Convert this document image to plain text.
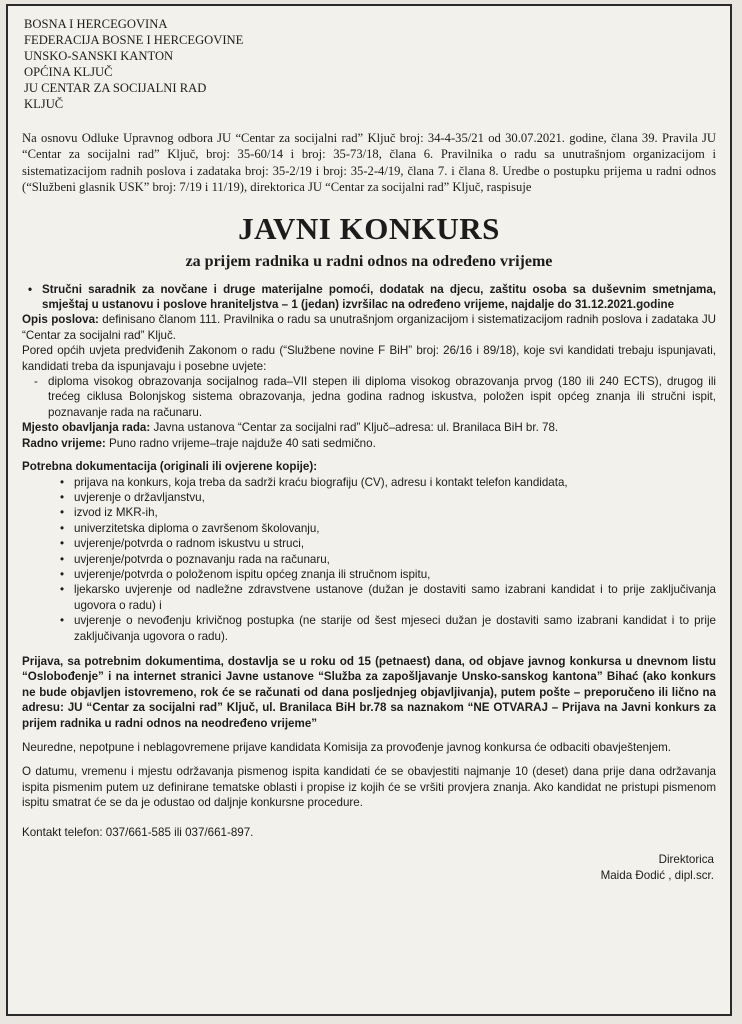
BOSNA I HERCEGOVINA
FEDERACIJA BOSNE I HERCEGOVINE
UNSKO-SANSKI KANTON
OPĆINA KLJUČ
JU CENTAR ZA SOCIJALNI RAD
KLJUČ
Na osnovu Odluke Upravnog odbora JU “Centar za socijalni rad” Ključ broj: 34-4-35/21 od 30.07.2021. godine, člana 39. Pravila JU “Centar za socijalni rad” Ključ, broj: 35-60/14 i broj: 35-73/18, člana 6. Pravilnika o radu sa unutrašnjom organizacijom i sistematizacijom radnih poslova i zadataka broj: 35-2/19 i broj: 35-2-4/19, člana 7. i člana 8. Uredbe o postupku prijema u radni odnos (“Službeni glasnik USK” broj: 7/19 i 11/19), direktorica JU “Centar za socijalni rad” Ključ, raspisuje
JAVNI KONKURS
za prijem radnika u radni odnos na određeno vrijeme
• Stručni saradnik za novčane i druge materijalne pomoći, dodatak na djecu, zaštitu osoba sa duševnim smetnjama, smještaj u ustanovu i poslove hraniteljstva – 1 (jedan) izvršilac na određeno vrijeme, najdalje do 31.12.2021.godine
Opis poslova: definisano članom 111. Pravilnika o radu sa unutrašnjom organizacijom i sistematizacijom radnih poslova i zadataka JU “Centar za socijalni rad” Ključ.
Pored općih uvjeta predviđenih Zakonom o radu (“Službene novine F BiH” broj: 26/16 i 89/18), koje svi kandidati trebaju ispunjavati, kandidati treba da ispunjavaju i posebne uvjete:
- diploma visokog obrazovanja socijalnog rada–VII stepen ili diploma visokog obrazovanja prvog (180 ili 240 ECTS), drugog ili trećeg ciklusa Bolonjskog sistema obrazovanja, jedna godina radnog iskustva, položen ispit općeg znanja ili stručni ispit, poznavanje rada na računaru.
Mjesto obavljanja rada: Javna ustanova “Centar za socijalni rad” Ključ–adresa: ul. Branilaca BiH br. 78.
Radno vrijeme: Puno radno vrijeme–traje najduže 40 sati sedmično.
Potrebna dokumentacija (originali ili ovjerene kopije):
• prijava na konkurs, koja treba da sadrži kraću biografiju (CV), adresu i kontakt telefon kandidata,
• uvjerenje o državljanstvu,
• izvod iz MKR-ih,
• univerzitetska diploma o završenom školovanju,
• uvjerenje/potvrda o radnom iskustvu u struci,
• uvjerenje/potvrda o poznavanju rada na računaru,
• uvjerenje/potvrda o položenom ispitu općeg znanja ili stručnom ispitu,
• ljekarsko uvjerenje od nadležne zdravstvene ustanove (dužan je dostaviti samo izabrani kandidat i to prije zaključivanja ugovora o radu) i
• uvjerenje o nevođenju krivičnog postupka (ne starije od šest mjeseci dužan je dostaviti samo izabrani kandidat i to prije zaključivanja ugovora o radu).
Prijava, sa potrebnim dokumentima, dostavlja se u roku od 15 (petnaest) dana, od objave javnog konkursa u dnevnom listu “Oslobođenje” i na internet stranici Javne ustanove “Služba za zapošljavanje Unsko-sanskog kantona” Bihać (ako konkurs ne bude objavljen istovremeno, rok će se računati od dana posljednjeg objavljivanja), putem pošte – preporučeno ili lično na adresu: JU “Centar za socijalni rad” Ključ, ul. Branilaca BiH br.78 sa naznakom “NE OTVARAJ – Prijava na Javni konkurs za prijem radnika u radni odnos na neodređeno vrijeme”
Neuredne, nepotpune i neblagovremene prijave kandidata Komisija za provođenje javnog konkursa će odbaciti obavještenjem.
O datumu, vremenu i mjestu održavanja pismenog ispita kandidati će se obavjestiti najmanje 10 (deset) dana prije dana održavanja ispita pismenim putem uz definirane tematske oblasti i propise iz kojih će se vršiti provjera znanja. Ako kandidat ne pristupi pismenom ispitu smatrat će se da je odustao od daljnje konkursne procedure.
Kontakt telefon: 037/661-585 ili 037/661-897.
Direktorica
Maida Đodić , dipl.scr.
